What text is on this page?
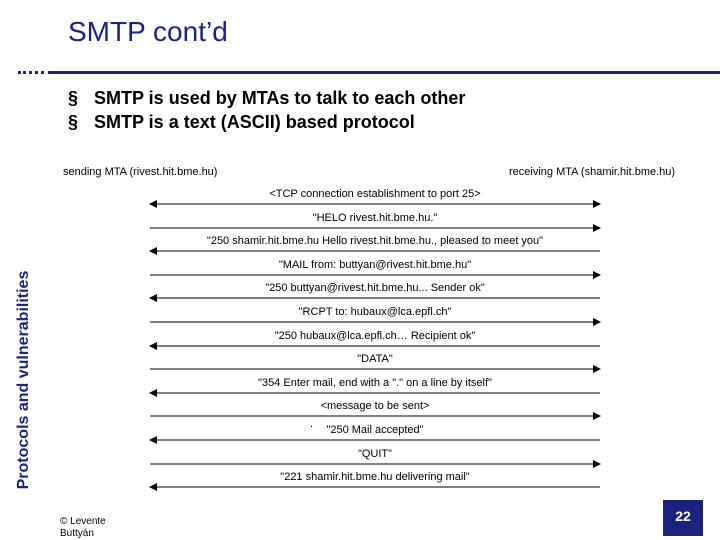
Protocols and vulnerabilities
SMTP cont’d
§ SMTP is used by MTAs to talk to each other
§ SMTP is a text (ASCII) based protocol
sending MTA (rivest.hit.bme.hu)	receiving MTA (shamir.hit.bme.hu)
<TCP connection establishment to port 25>
"HELO rivest.hit.bme.hu."
"250 shamir.hit.bme.hu Hello rivest.hit.bme.hu., pleased to meet you"
"MAIL from: buttyan@rivest.hit.bme.hu"
"250 buttyan@rivest.hit.bme.hu... Sender ok"
"RCPT to: hubaux@lca.epfl.ch"
"250 hubaux@lca.epfl.ch… Recipient ok"
"DATA"
"354 Enter mail, end with a "." on a line by itself"
<message to be sent>
. "250 Mail accepted"
"QUIT"
"221 shamir.hit.bme.hu delivering mail"
© Levente
Buttyán
22
